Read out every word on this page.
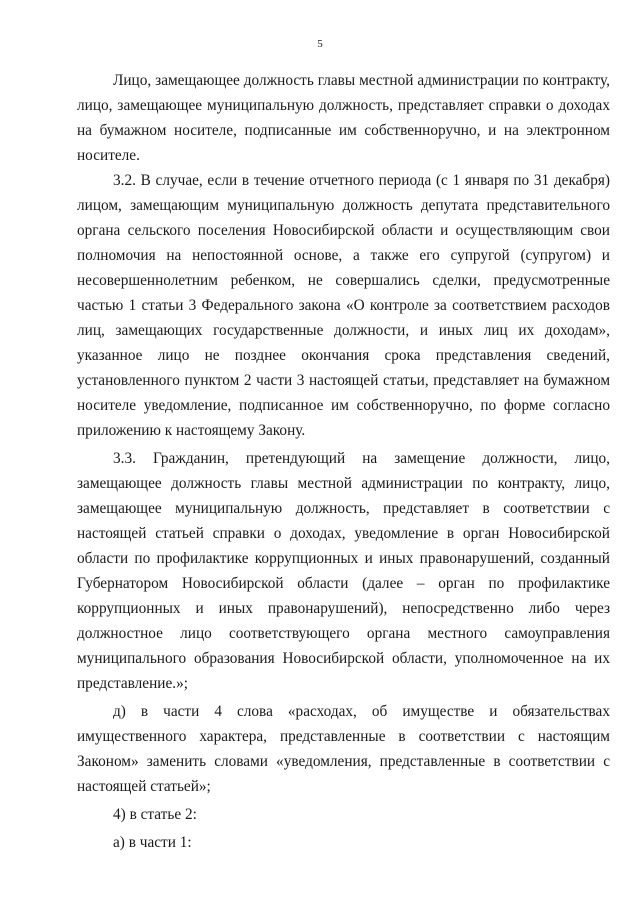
5

Лицо, замещающее должность главы местной администрации по контракту, лицо, замещающее муниципальную должность, представляет справки о доходах на бумажном носителе, подписанные им собственноручно, и на электронном носителе.

3.2. В случае, если в течение отчетного периода (с 1 января по 31 декабря) лицом, замещающим муниципальную должность депутата представительного органа сельского поселения Новосибирской области и осуществляющим свои полномочия на непостоянной основе, а также его супругой (супругом) и несовершеннолетним ребенком, не совершались сделки, предусмотренные частью 1 статьи 3 Федерального закона «О контроле за соответствием расходов лиц, замещающих государственные должности, и иных лиц их доходам», указанное лицо не позднее окончания срока представления сведений, установленного пунктом 2 части 3 настоящей статьи, представляет на бумажном носителе уведомление, подписанное им собственноручно, по форме согласно приложению к настоящему Закону.

3.3. Гражданин, претендующий на замещение должности, лицо, замещающее должность главы местной администрации по контракту, лицо, замещающее муниципальную должность, представляет в соответствии с настоящей статьей справки о доходах, уведомление в орган Новосибирской области по профилактике коррупционных и иных правонарушений, созданный Губернатором Новосибирской области (далее – орган по профилактике коррупционных и иных правонарушений), непосредственно либо через должностное лицо соответствующего органа местного самоуправления муниципального образования Новосибирской области, уполномоченное на их представление.»;

д) в части 4 слова «расходах, об имуществе и обязательствах имущественного характера, представленные в соответствии с настоящим Законом» заменить словами «уведомления, представленные в соответствии с настоящей статьей»;

4) в статье 2:

а) в части 1:
